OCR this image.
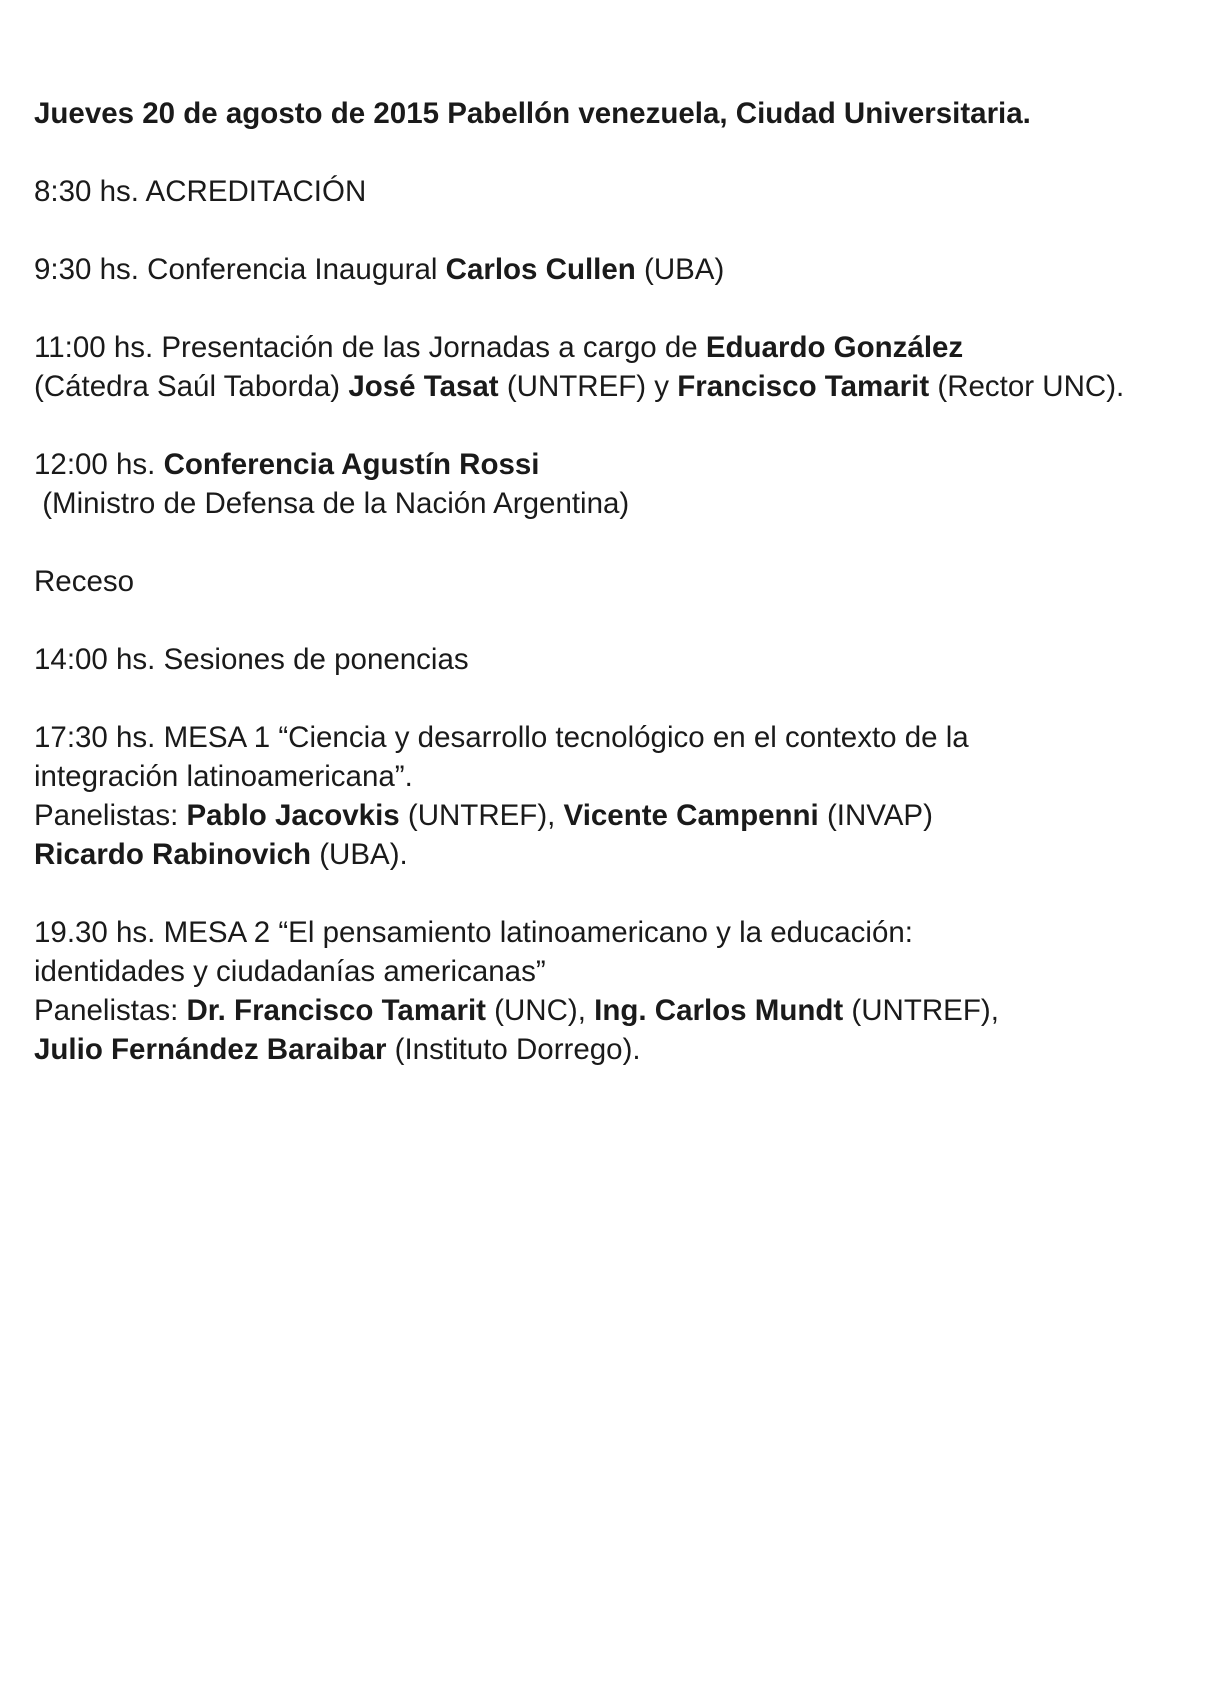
Jueves 20 de agosto de 2015 Pabellón venezuela, Ciudad Universitaria.
8:30 hs. ACREDITACIÓN
9:30 hs. Conferencia Inaugural Carlos Cullen (UBA)
11:00 hs. Presentación de las Jornadas a cargo de Eduardo González
(Cátedra Saúl Taborda) José Tasat (UNTREF) y Francisco Tamarit (Rector UNC).
12:00 hs. Conferencia Agustín Rossi
(Ministro de Defensa de la Nación Argentina)
Receso
14:00 hs. Sesiones de ponencias
17:30 hs. MESA 1 “Ciencia y desarrollo tecnológico en el contexto de la
integración latinoamericana”.
Panelistas: Pablo Jacovkis (UNTREF), Vicente Campenni (INVAP)
Ricardo Rabinovich (UBA).
19.30 hs. MESA 2 “El pensamiento latinoamericano y la educación:
identidades y ciudadanías americanas”
Panelistas: Dr. Francisco Tamarit (UNC), Ing. Carlos Mundt (UNTREF),
Julio Fernández Baraibar (Instituto Dorrego).
